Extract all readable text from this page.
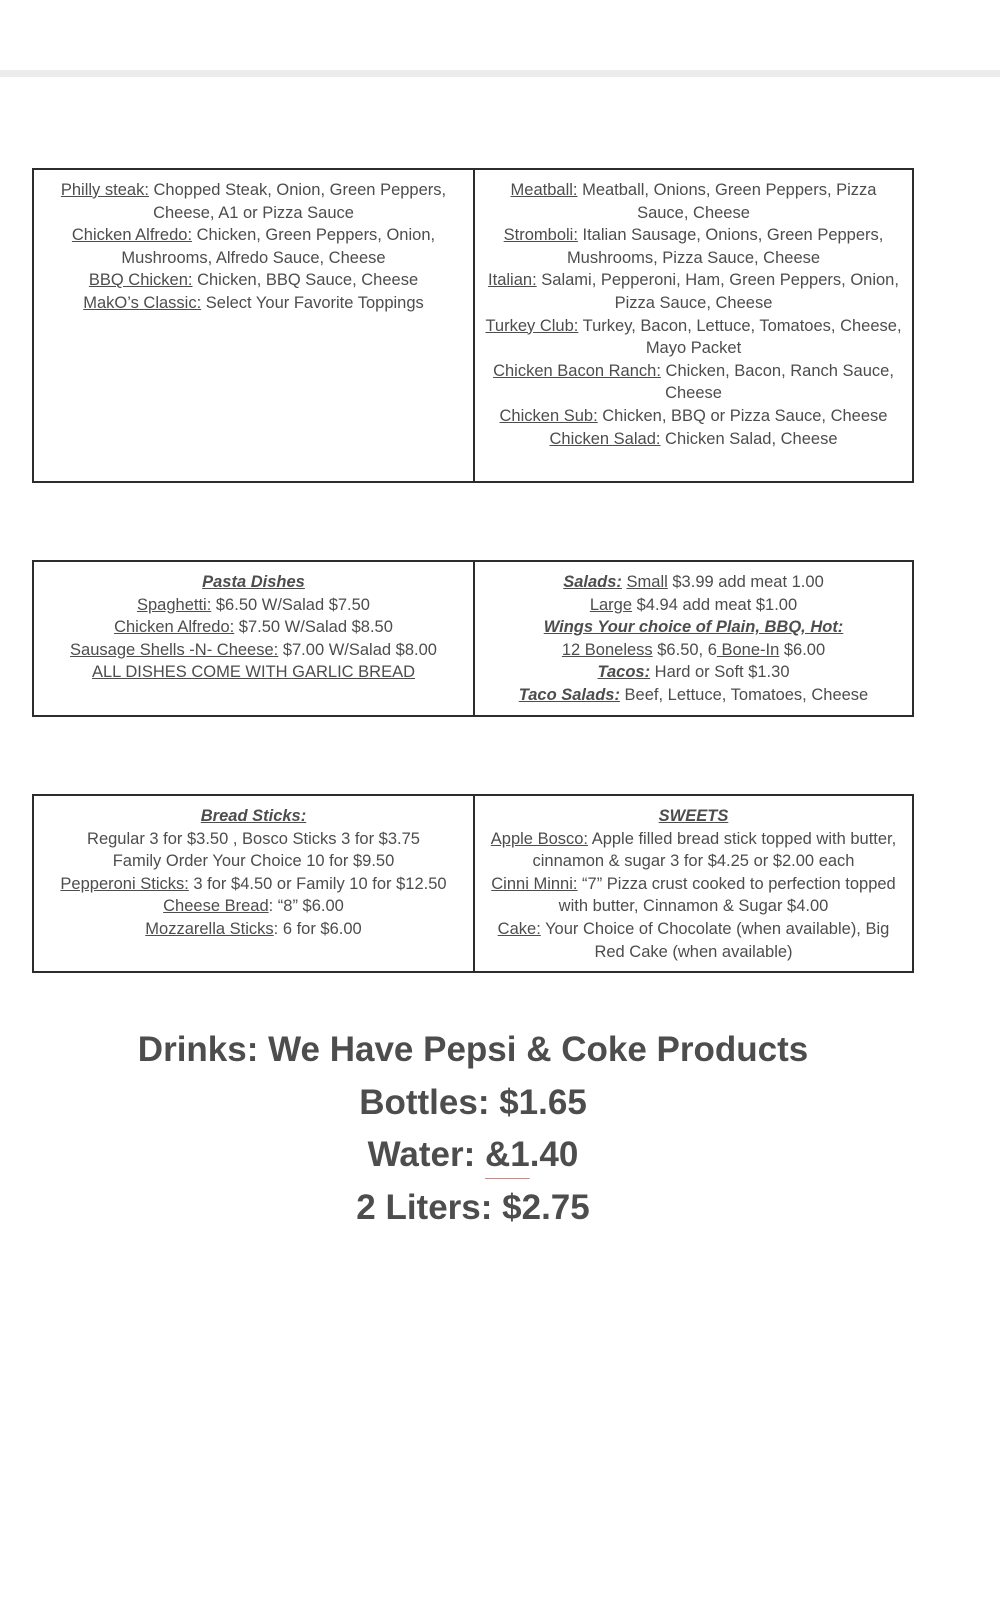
Philly steak: Chopped Steak, Onion, Green Peppers, Cheese, A1 or Pizza Sauce
Chicken Alfredo: Chicken, Green Peppers, Onion, Mushrooms, Alfredo Sauce, Cheese
BBQ Chicken: Chicken, BBQ Sauce, Cheese
MakO’s Classic: Select Your Favorite Toppings
Meatball: Meatball, Onions, Green Peppers, Pizza Sauce, Cheese
Stromboli: Italian Sausage, Onions, Green Peppers, Mushrooms, Pizza Sauce, Cheese
Italian: Salami, Pepperoni, Ham, Green Peppers, Onion, Pizza Sauce, Cheese
Turkey Club: Turkey, Bacon, Lettuce, Tomatoes, Cheese, Mayo Packet
Chicken Bacon Ranch: Chicken, Bacon, Ranch Sauce, Cheese
Chicken Sub: Chicken, BBQ or Pizza Sauce, Cheese
Chicken Salad: Chicken Salad, Cheese
Pasta Dishes
Spaghetti: $6.50 W/Salad $7.50
Chicken Alfredo: $7.50 W/Salad $8.50
Sausage Shells -N- Cheese: $7.00 W/Salad $8.00
ALL DISHES COME WITH GARLIC BREAD
Salads: Small $3.99 add meat 1.00
Large $4.94 add meat $1.00
Wings Your choice of Plain, BBQ, Hot:
12 Boneless $6.50, 6 Bone-In $6.00
Tacos: Hard or Soft $1.30
Taco Salads: Beef, Lettuce, Tomatoes, Cheese
Bread Sticks:
Regular 3 for $3.50 , Bosco Sticks 3 for $3.75
Family Order Your Choice 10 for $9.50
Pepperoni Sticks: 3 for $4.50 or Family 10 for $12.50
Cheese Bread: “8” $6.00
Mozzarella Sticks: 6 for $6.00
SWEETS
Apple Bosco: Apple filled bread stick topped with butter, cinnamon & sugar 3 for $4.25 or $2.00 each
Cinni Minni: “7” Pizza crust cooked to perfection topped with butter, Cinnamon & Sugar $4.00
Cake: Your Choice of Chocolate (when available), Big Red Cake (when available)
Drinks: We Have Pepsi & Coke Products
Bottles: $1.65
Water: &1.40
2 Liters: $2.75
